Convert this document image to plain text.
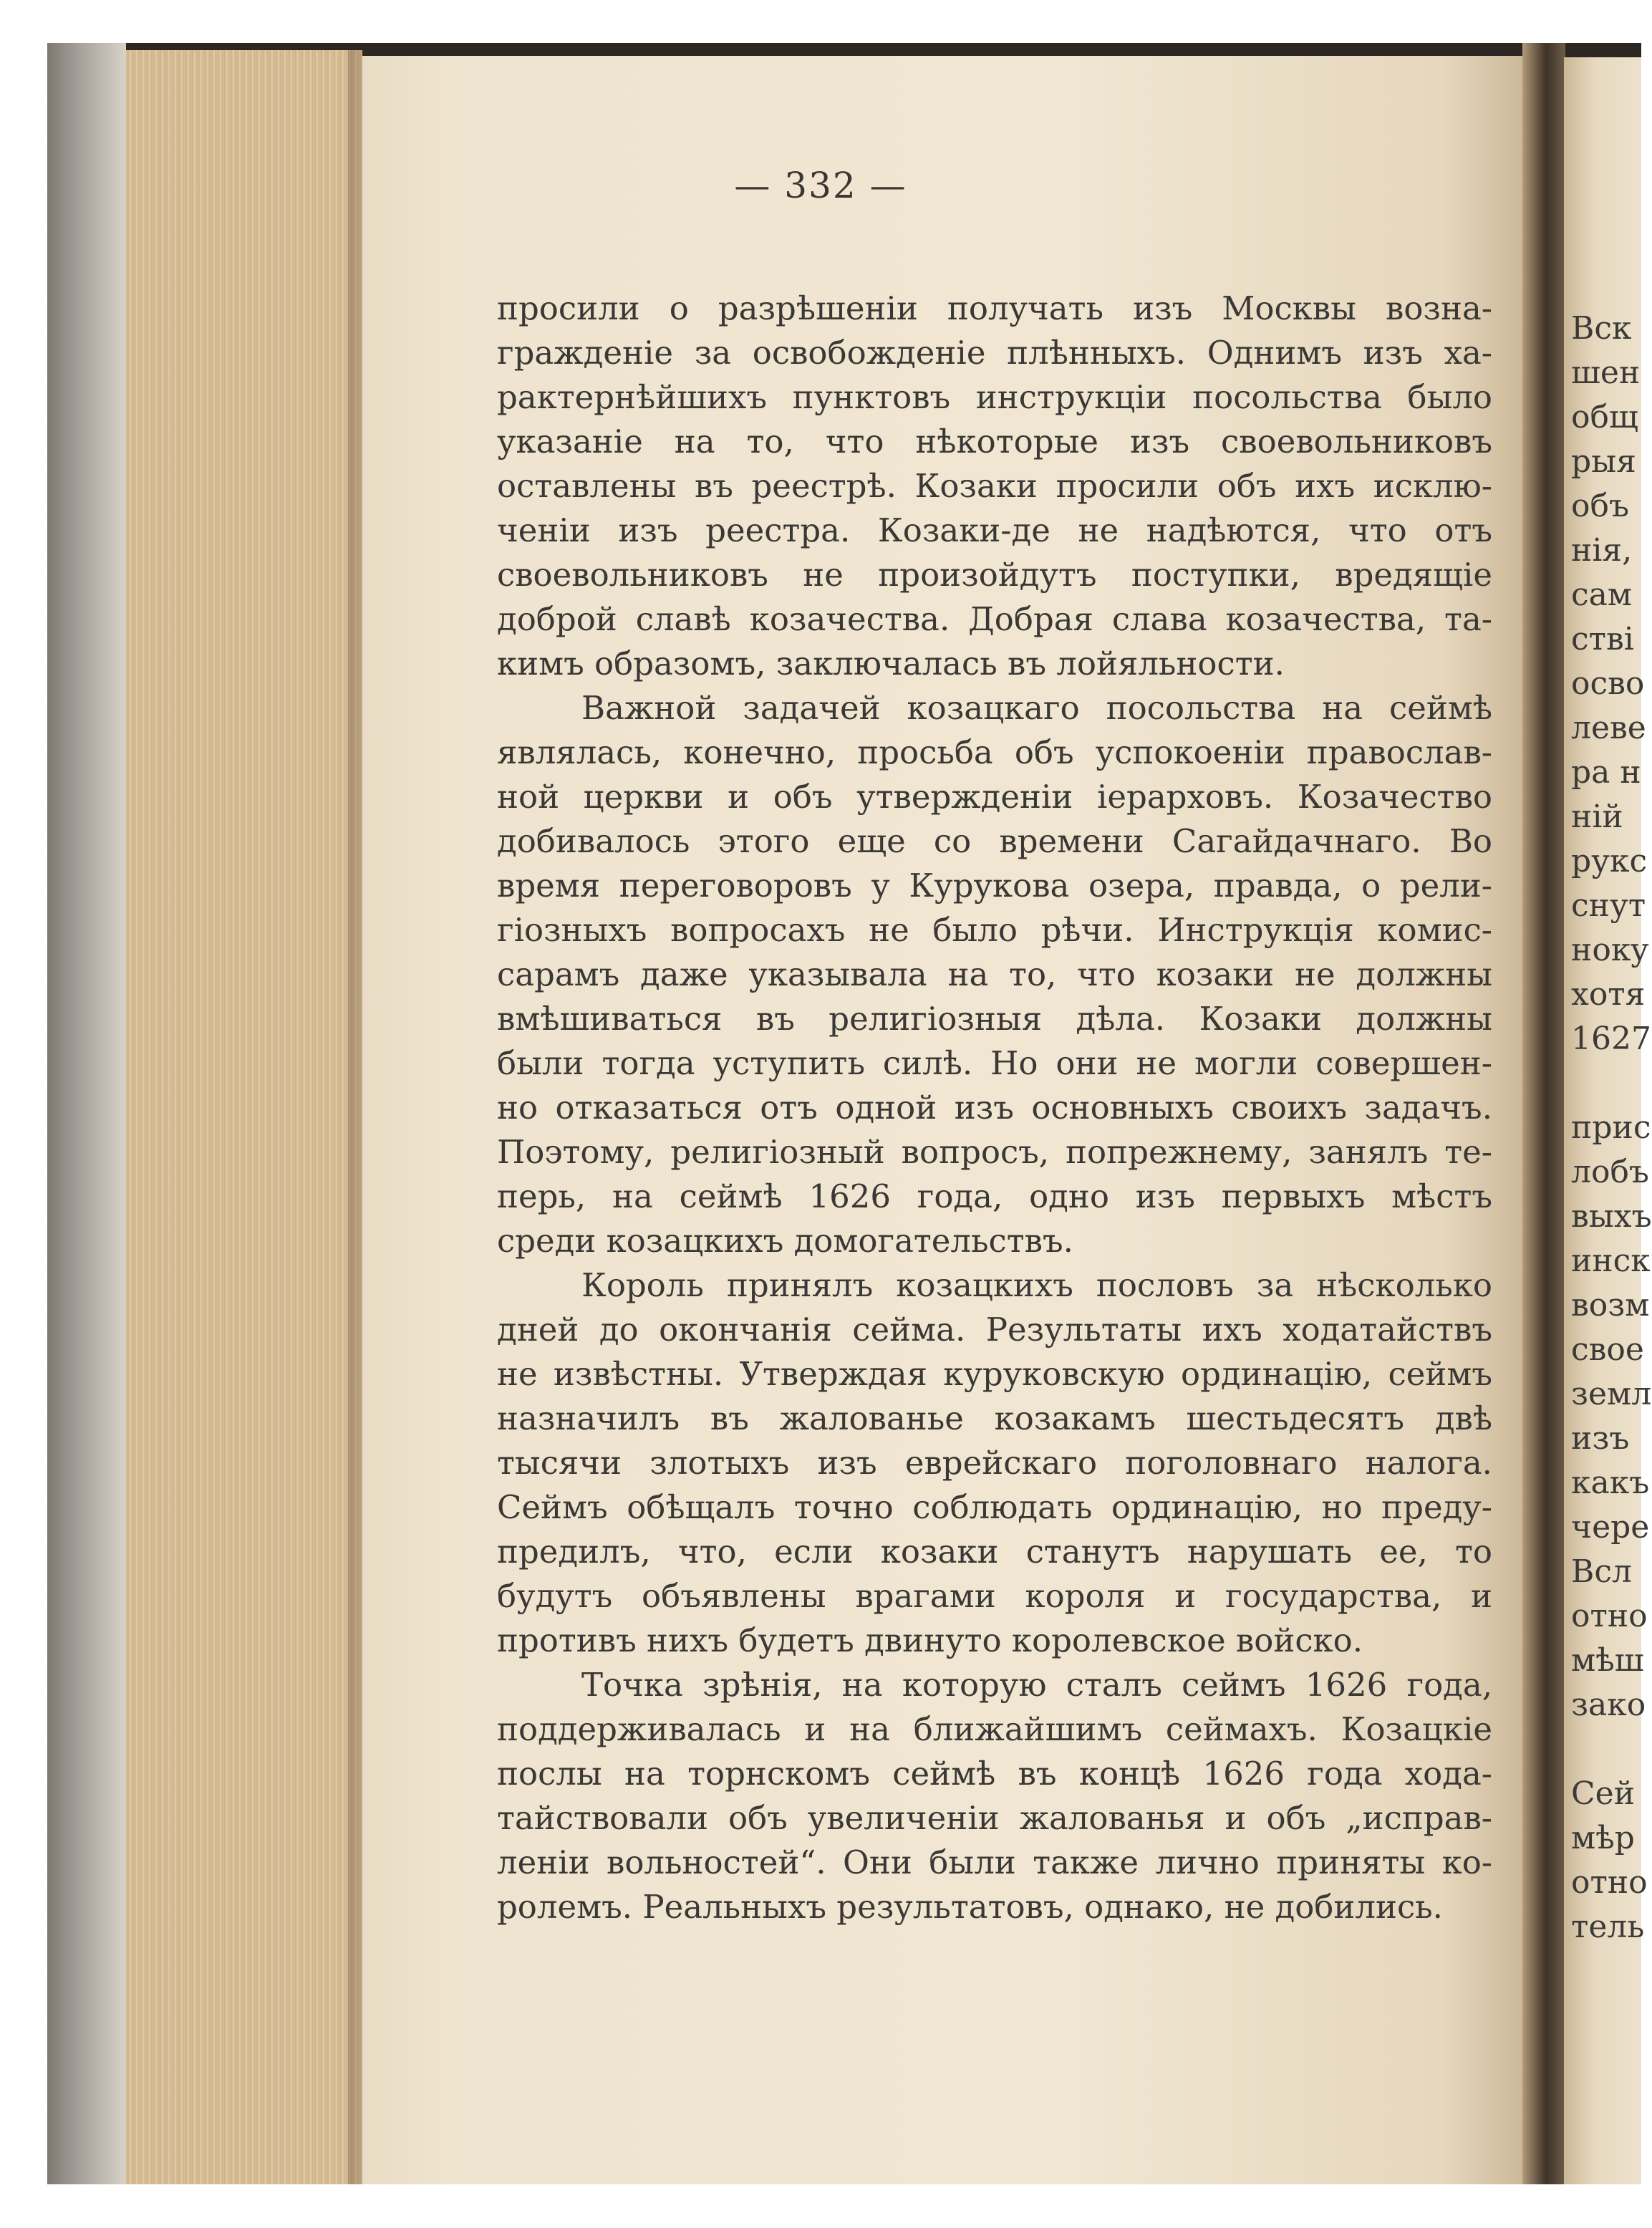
Вск
шен
общ
рыя
объ
нiя,
сам
ствi
осво
леве
ра н
нiй
рукс
снут
нокy
хотя
1627
прис
лобъ
выхъ
инск
возм
свое
земл
изъ
какъ
чере
Всл
отно
мѣш
зако
Сей
мѣр
отно
тель
— 332 —
просили о разрѣшенiи получать изъ Москвы возна-
гражденiе за освобожденiе плѣнныхъ. Однимъ изъ ха-
рактернѣйшихъ пунктовъ инструкцiи посольства было
указанiе на то, что нѣкоторые изъ своевольниковъ
оставлены въ реестрѣ. Козаки просили объ ихъ исклю-
ченiи изъ реестра. Козаки-де не надѣются, что отъ
своевольниковъ не произойдутъ поступки, вредящiе
доброй славѣ козачества. Добрая слава козачества, та-
кимъ образомъ, заключалась въ лойяльности.
Важной задачей козацкаго посольства на сеймѣ
являлась, конечно, просьба объ успокоенiи православ-
ной церкви и объ утвержденiи iерарховъ. Козачество
добивалось этого еще со времени Сагайдачнаго. Во
время переговоровъ у Курукова озера, правда, о рели-
гiозныхъ вопросахъ не было рѣчи. Инструкцiя комис-
сарамъ даже указывала на то, что козаки не должны
вмѣшиваться въ религiозныя дѣла. Козаки должны
были тогда уступить силѣ. Но они не могли совершен-
но отказаться отъ одной изъ основныхъ своихъ задачъ.
Поэтому, религiозный вопросъ, попрежнему, занялъ те-
перь, на сеймѣ 1626 года, одно изъ первыхъ мѣстъ
среди козацкихъ домогательствъ.
Король принялъ козацкихъ пословъ за нѣсколько
дней до окончанiя сейма. Результаты ихъ ходатайствъ
не извѣстны. Утверждая куруковскую ординацiю, сеймъ
назначилъ въ жалованье козакамъ шестьдесятъ двѣ
тысячи злотыхъ изъ еврейскаго поголовнаго налога.
Сеймъ обѣщалъ точно соблюдать ординацiю, но преду-
предилъ, что, если козаки станутъ нарушать ее, то
будутъ объявлены врагами короля и государства, и
противъ нихъ будетъ двинуто королевское войско.
Точка зрѣнiя, на которую сталъ сеймъ 1626 года,
поддерживалась и на ближайшимъ сеймахъ. Козацкiе
послы на торнскомъ сеймѣ въ концѣ 1626 года хода-
тайствовали объ увеличенiи жалованья и объ „исправ-
ленiи вольностей“. Они были также лично приняты ко-
ролемъ. Реальныхъ результатовъ, однако, не добились.
